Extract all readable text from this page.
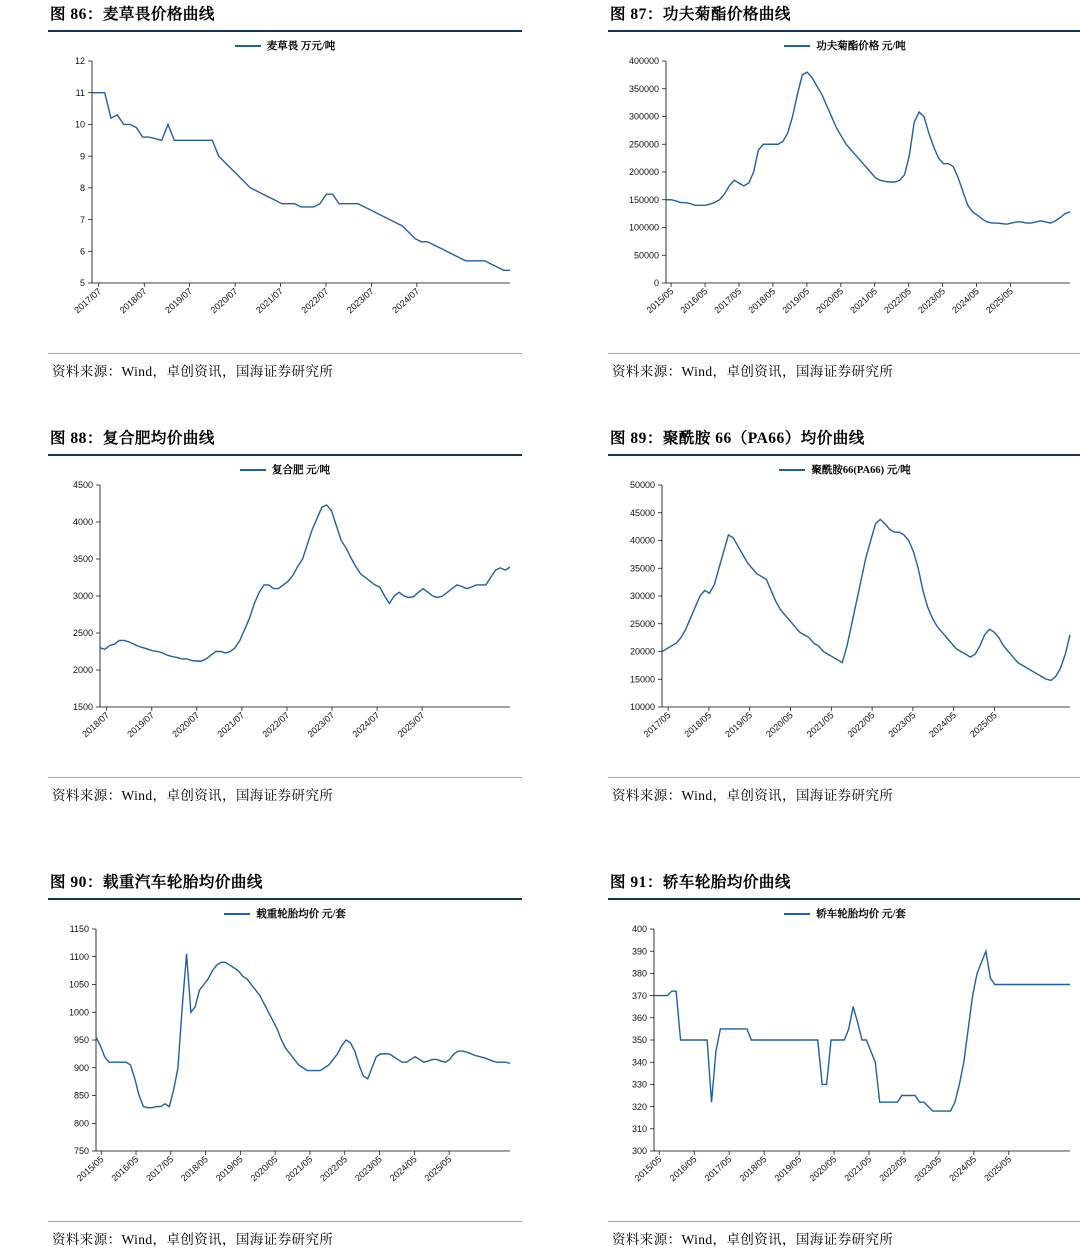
图 86：麦草畏价格曲线
麦草畏 万元/吨
5
6
7
8
9
10
11
12
2017/07 2018/07 2019/07 2020/07 2021/07 2022/07 2023/07 2024/07
资料来源：Wind，卓创资讯，国海证券研究所
图 87：功夫菊酯价格曲线
功夫菊酯价格 元/吨
0
50000
100000
150000
200000
250000
300000
350000
400000
2015/05 2016/05 2017/05 2018/05 2019/05 2020/05 2021/05 2022/05 2023/05 2024/05 2025/05
资料来源：Wind，卓创资讯，国海证券研究所
图 88：复合肥均价曲线
复合肥 元/吨
1500
2000
2500
3000
3500
4000
4500
2018/07 2019/07 2020/07 2021/07 2022/07 2023/07 2024/07 2025/07
资料来源：Wind，卓创资讯，国海证券研究所
图 89：聚酰胺 66（PA66）均价曲线
聚酰胺66(PA66) 元/吨
10000
15000
20000
25000
30000
35000
40000
45000
50000
2017/05 2018/05 2019/05 2020/05 2021/05 2022/05 2023/05 2024/05 2025/05
资料来源：Wind，卓创资讯，国海证券研究所
图 90：载重汽车轮胎均价曲线
载重轮胎均价 元/套
750
800
850
900
950
1000
1050
1100
1150
2015/05 2016/05 2017/05 2018/05 2019/05 2020/05 2021/05 2022/05 2023/05 2024/05 2025/05
资料来源：Wind，卓创资讯，国海证券研究所
图 91：轿车轮胎均价曲线
轿车轮胎均价 元/套
300
310
320
330
340
350
360
370
380
390
400
2015/05 2016/05 2017/05 2018/05 2019/05 2020/05 2021/05 2022/05 2023/05 2024/05 2025/05
资料来源：Wind，卓创资讯，国海证券研究所
